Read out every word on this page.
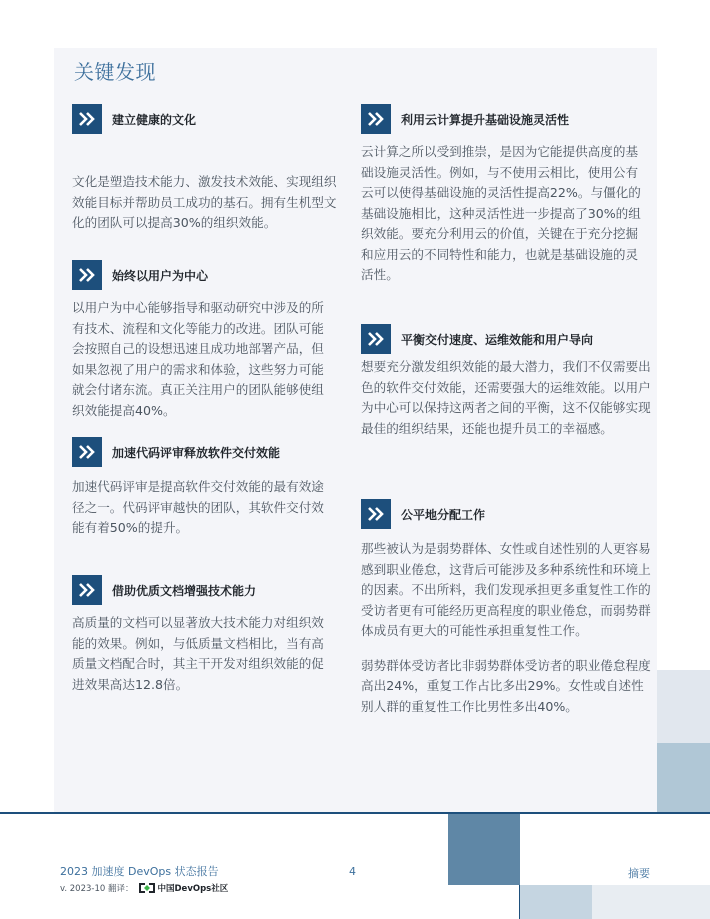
关键发现
建立健康的文化

文化是塑造技术能力、激发技术效能、实现组织效能目标并帮助员工成功的基石。拥有生机型文化的团队可以提高30%的组织效能。

始终以用户为中心

以用户为中心能够指导和驱动研究中涉及的所有技术、流程和文化等能力的改进。团队可能会按照自己的设想迅速且成功地部署产品，但如果忽视了用户的需求和体验，这些努力可能就会付诸东流。真正关注用户的团队能够使组织效能提高40%。

加速代码评审释放软件交付效能

加速代码评审是提高软件交付效能的最有效途径之一。代码评审越快的团队，其软件交付效能有着50%的提升。

借助优质文档增强技术能力

高质量的文档可以显著放大技术能力对组织效能的效果。例如，与低质量文档相比，当有高质量文档配合时，其主干开发对组织效能的促进效果高达12.8倍。

利用云计算提升基础设施灵活性

云计算之所以受到推崇，是因为它能提供高度的基础设施灵活性。例如，与不使用云相比，使用公有云可以使得基础设施的灵活性提高22%。与僵化的基础设施相比，这种灵活性进一步提高了30%的组织效能。要充分利用云的价值，关键在于充分挖掘和应用云的不同特性和能力，也就是基础设施的灵活性。

平衡交付速度、运维效能和用户导向

想要充分激发组织效能的最大潜力，我们不仅需要出色的软件交付效能，还需要强大的运维效能。以用户为中心可以保持这两者之间的平衡，这不仅能够实现最佳的组织结果，还能也提升员工的幸福感。

公平地分配工作

那些被认为是弱势群体、女性或自述性别的人更容易感到职业倦怠，这背后可能涉及多种系统性和环境上的因素。不出所料，我们发现承担更多重复性工作的受访者更有可能经历更高程度的职业倦怠，而弱势群体成员有更大的可能性承担重复性工作。

弱势群体受访者比非弱势群体受访者的职业倦怠程度高出24%，重复工作占比多出29%。女性或自述性别人群的重复性工作比男性多出40%。

2023 加速度 DevOps 状态报告
v. 2023-10 翻译：	中国DevOps社区
4	摘要
